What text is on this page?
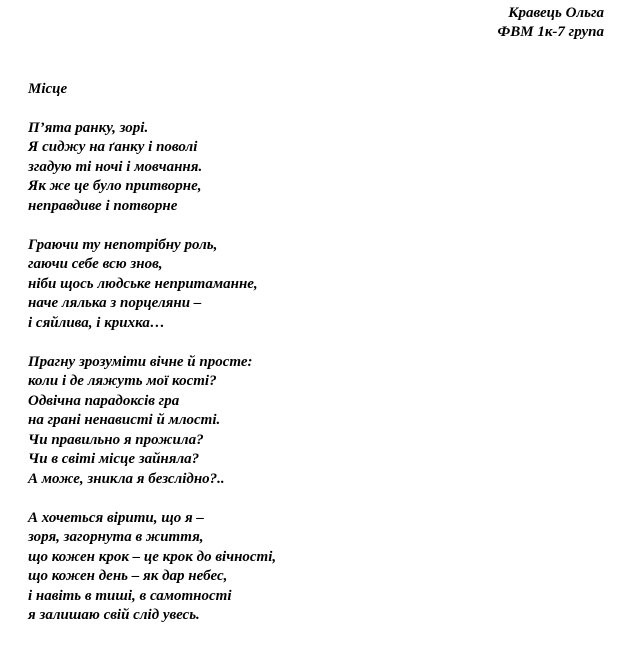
Кравець Ольга
ФВМ 1к-7 група
Місце
П’ята ранку, зорі.
Я сиджу на ґанку і поволі
згадую ті ночі і мовчання.
Як же це було притворне,
неправдиве і потворне
Граючи ту непотрібну роль,
гаючи себе всю знов,
ніби щось людське непритаманне,
наче лялька з порцеляни –
і сяйлива, і крихка…
Прагну зрозуміти вічне й просте:
коли і де ляжуть мої кості?
Одвічна парадоксів гра
на грані ненависті й млості.
Чи правильно я прожила?
Чи в світі місце зайняла?
А може, зникла я безслідно?..
А хочеться вірити, що я –
зоря, загорнута в життя,
що кожен крок – це крок до вічності,
що кожен день – як дар небес,
і навіть в тиші, в самотності
я залишаю свій слід увесь.
